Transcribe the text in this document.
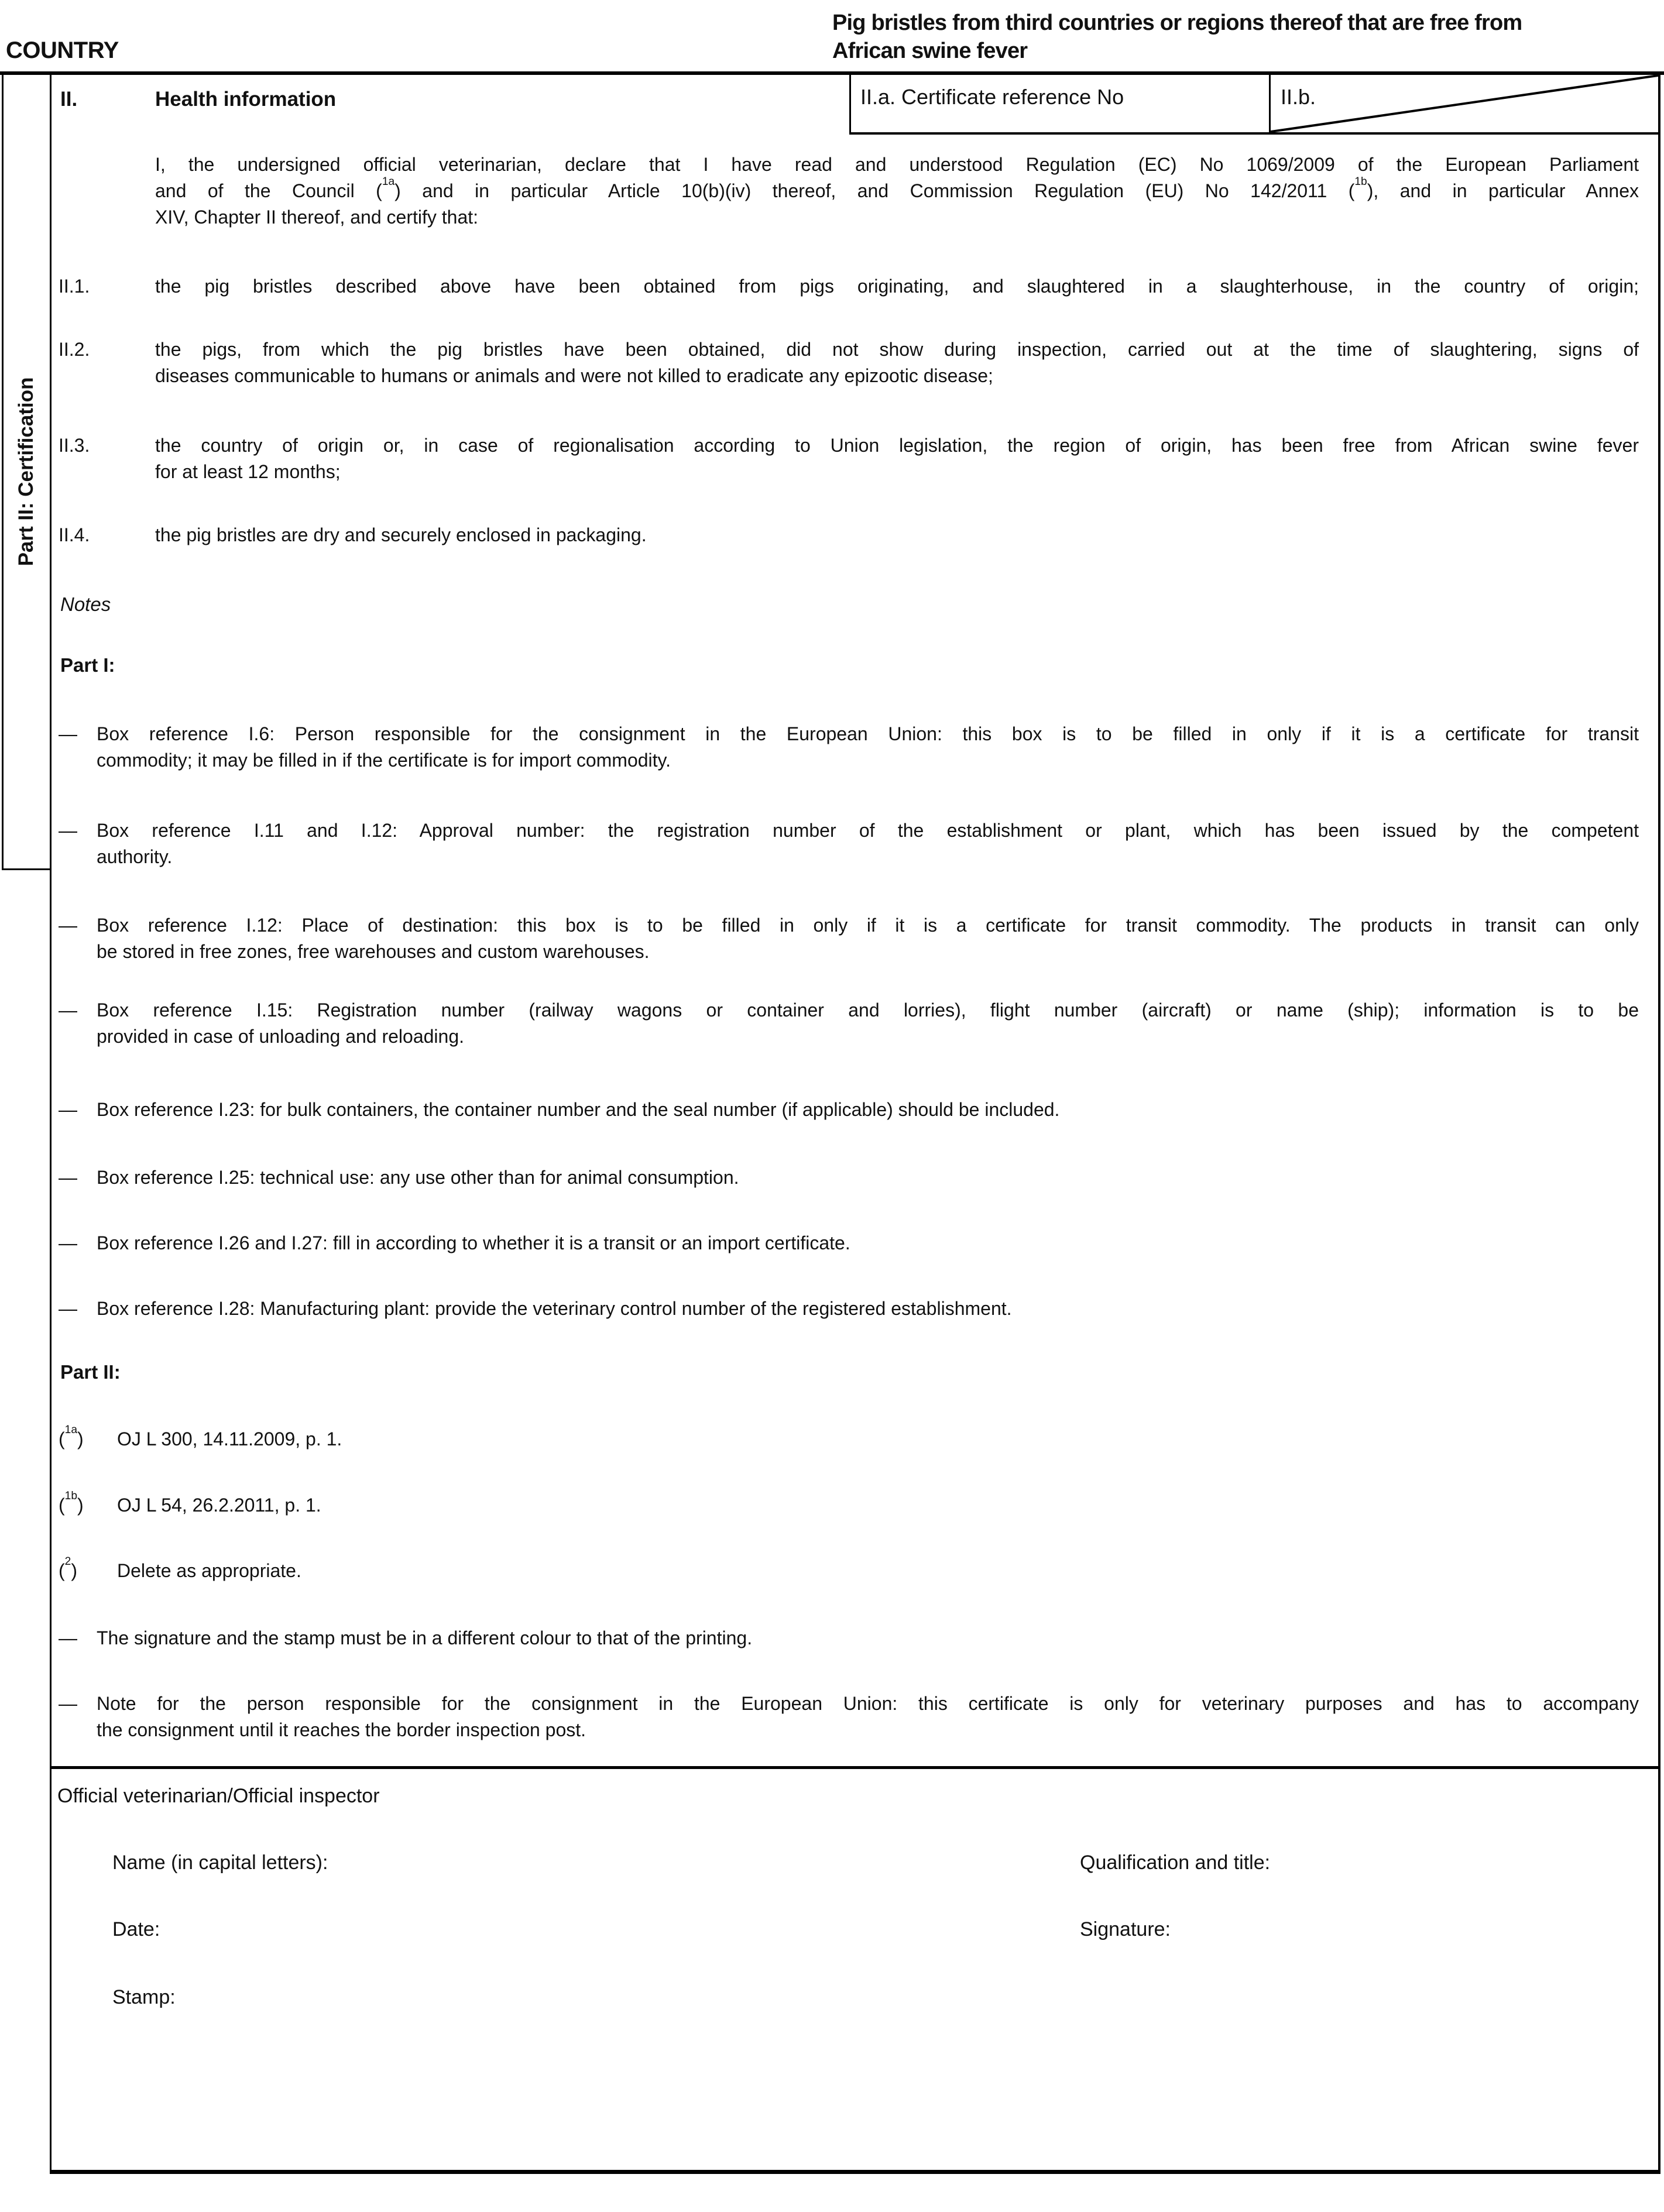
COUNTRY
Pig bristles from third countries or regions thereof that are free from
African swine fever
Part II: Certification
II.	Health information	II.a. Certificate reference No	II.b.
I, the undersigned official veterinarian, declare that I have read and understood Regulation (EC) No 1069/2009 of the European Parliament
and of the Council ($^{1a}$) and in particular Article 10(b)(iv) thereof, and Commission Regulation (EU) No 142/2011 ($^{1b}$), and in particular Annex
XIV, Chapter II thereof, and certify that:
Notes
Part I:
Part II:
Official veterinarian/Official inspector
Name (in capital letters):	Qualification and title:
Date:	Signature:
Stamp:
II.1.	the pig bristles described above have been obtained from pigs originating, and slaughtered in a slaughterhouse, in the country of origin;
II.2.	the pigs, from which the pig bristles have been obtained, did not show during inspection, carried out at the time of slaughtering, signs of
diseases communicable to humans or animals and were not killed to eradicate any epizootic disease;
II.3.	the country of origin or, in case of regionalisation according to Union legislation, the region of origin, has been free from African swine fever
for at least 12 months;
II.4.	the pig bristles are dry and securely enclosed in packaging.
—	Box reference I.6: Person responsible for the consignment in the European Union: this box is to be filled in only if it is a certificate for transit
commodity; it may be filled in if the certificate is for import commodity.
—	Box reference I.11 and I.12: Approval number: the registration number of the establishment or plant, which has been issued by the competent
authority.
—	Box reference I.12: Place of destination: this box is to be filled in only if it is a certificate for transit commodity. The products in transit can only
be stored in free zones, free warehouses and custom warehouses.
—	Box reference I.15: Registration number (railway wagons or container and lorries), flight number (aircraft) or name (ship); information is to be
provided in case of unloading and reloading.
—	Box reference I.23: for bulk containers, the container number and the seal number (if applicable) should be included.
—	Box reference I.25: technical use: any use other than for animal consumption.
—	Box reference I.26 and I.27: fill in according to whether it is a transit or an import certificate.
—	Box reference I.28: Manufacturing plant: provide the veterinary control number of the registered establishment.
($^{1a}$)	OJ L 300, 14.11.2009, p. 1.
($^{1b}$)	OJ L 54, 26.2.2011, p. 1.
($^2$)	Delete as appropriate.
—	The signature and the stamp must be in a different colour to that of the printing.
—	Note for the person responsible for the consignment in the European Union: this certificate is only for veterinary purposes and has to accompany
the consignment until it reaches the border inspection post.
